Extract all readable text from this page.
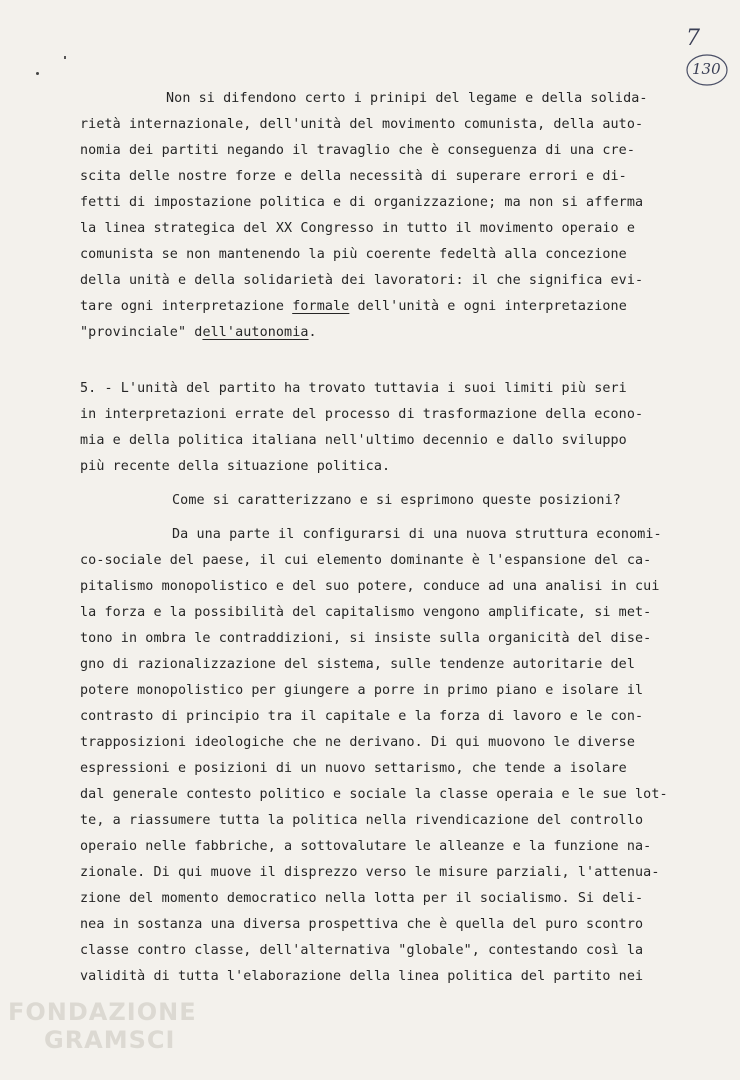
7
130
Non si difendono certo i prinipi del legame e della solida-
rietà internazionale, dell'unità del movimento comunista, della auto-
nomia dei partiti negando il travaglio che è conseguenza di una cre-
scita delle nostre forze e della necessità di superare errori e di-
fetti di impostazione politica e di organizzazione; ma non si afferma
la linea strategica del XX Congresso in tutto il movimento operaio e
comunista se non mantenendo la più coerente fedeltà alla concezione
della unità e della solidarietà dei lavoratori: il che significa evi-
tare ogni interpretazione formale dell'unità e ogni interpretazione
"provinciale" dell'autonomia.
5. - L'unità del partito ha trovato tuttavia i suoi limiti più seri
in interpretazioni errate del processo di trasformazione della econo-
mia e della politica italiana nell'ultimo decennio e dallo sviluppo
più recente della situazione politica.
Come si caratterizzano e si esprimono queste posizioni?
Da una parte il configurarsi di una nuova struttura economi-
co-sociale del paese, il cui elemento dominante è l'espansione del ca-
pitalismo monopolistico e del suo potere, conduce ad una analisi in cui
la forza e la possibilità del capitalismo vengono amplificate, si met-
tono in ombra le contraddizioni, si insiste sulla organicità del dise-
gno di razionalizzazione del sistema, sulle tendenze autoritarie del
potere monopolistico per giungere a porre in primo piano e isolare il
contrasto di principio tra il capitale e la forza di lavoro e le con-
trapposizioni ideologiche che ne derivano. Di qui muovono le diverse
espressioni e posizioni di un nuovo settarismo, che tende a isolare
dal generale contesto politico e sociale la classe operaia e le sue lot-
te, a riassumere tutta la politica nella rivendicazione del controllo
operaio nelle fabbriche, a sottovalutare le alleanze e la funzione na-
zionale. Di qui muove il disprezzo verso le misure parziali, l'attenua-
zione del momento democratico nella lotta per il socialismo. Si deli-
nea in sostanza una diversa prospettiva che è quella del puro scontro
classe contro classe, dell'alternativa "globale", contestando così la
validità di tutta l'elaborazione della linea politica del partito nei
FONDAZIONE
GRAMSCI
